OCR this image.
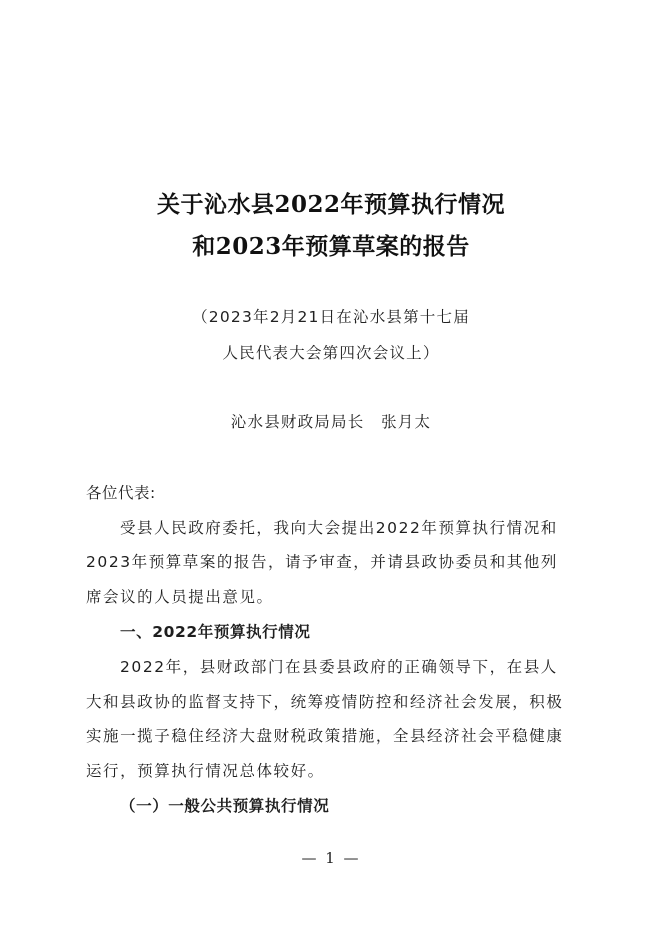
关于沁水县2022年预算执行情况
和2023年预算草案的报告
（2023年2月21日在沁水县第十七届
人民代表大会第四次会议上）
沁水县财政局局长　张月太
各位代表:
受县人民政府委托，我向大会提出2022年预算执行情况和
2023年预算草案的报告，请予审查，并请县政协委员和其他列
席会议的人员提出意见。
一、2022年预算执行情况
2022年，县财政部门在县委县政府的正确领导下，在县人
大和县政协的监督支持下，统筹疫情防控和经济社会发展，积极
实施一揽子稳住经济大盘财税政策措施，全县经济社会平稳健康
运行，预算执行情况总体较好。
（一）一般公共预算执行情况
— 1 —
